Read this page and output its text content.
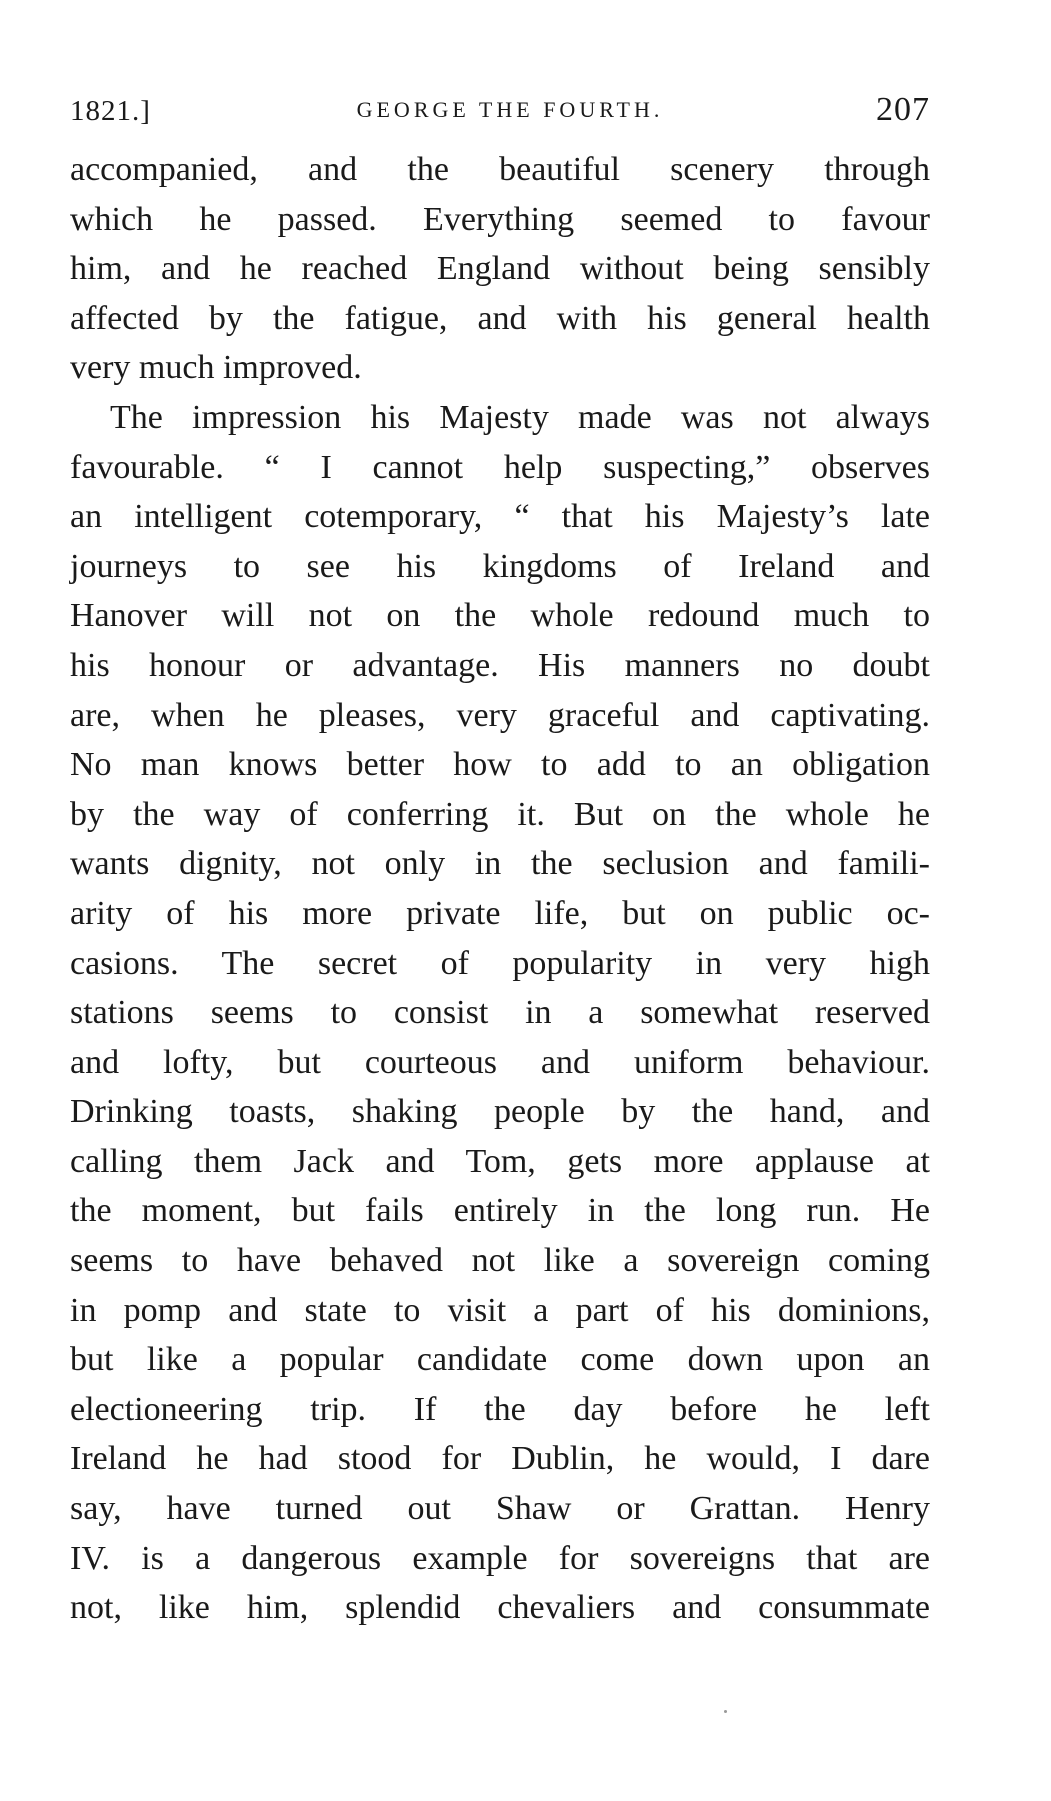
1821.]	GEORGE THE FOURTH.	207
accompanied, and the beautiful scenery through
which he passed. Everything seemed to favour
him, and he reached England without being sensibly
affected by the fatigue, and with his general health
very much improved.
The impression his Majesty made was not always
favourable. “ I cannot help suspecting,” observes
an intelligent cotemporary, “ that his Majesty’s late
journeys to see his kingdoms of Ireland and
Hanover will not on the whole redound much to
his honour or advantage. His manners no doubt
are, when he pleases, very graceful and captivating.
No man knows better how to add to an obligation
by the way of conferring it. But on the whole he
wants dignity, not only in the seclusion and famili-
arity of his more private life, but on public oc-
casions. The secret of popularity in very high
stations seems to consist in a somewhat reserved
and lofty, but courteous and uniform behaviour.
Drinking toasts, shaking people by the hand, and
calling them Jack and Tom, gets more applause at
the moment, but fails entirely in the long run. He
seems to have behaved not like a sovereign coming
in pomp and state to visit a part of his dominions,
but like a popular candidate come down upon an
electioneering trip. If the day before he left
Ireland he had stood for Dublin, he would, I dare
say, have turned out Shaw or Grattan. Henry
IV. is a dangerous example for sovereigns that are
not, like him, splendid chevaliers and consummate
